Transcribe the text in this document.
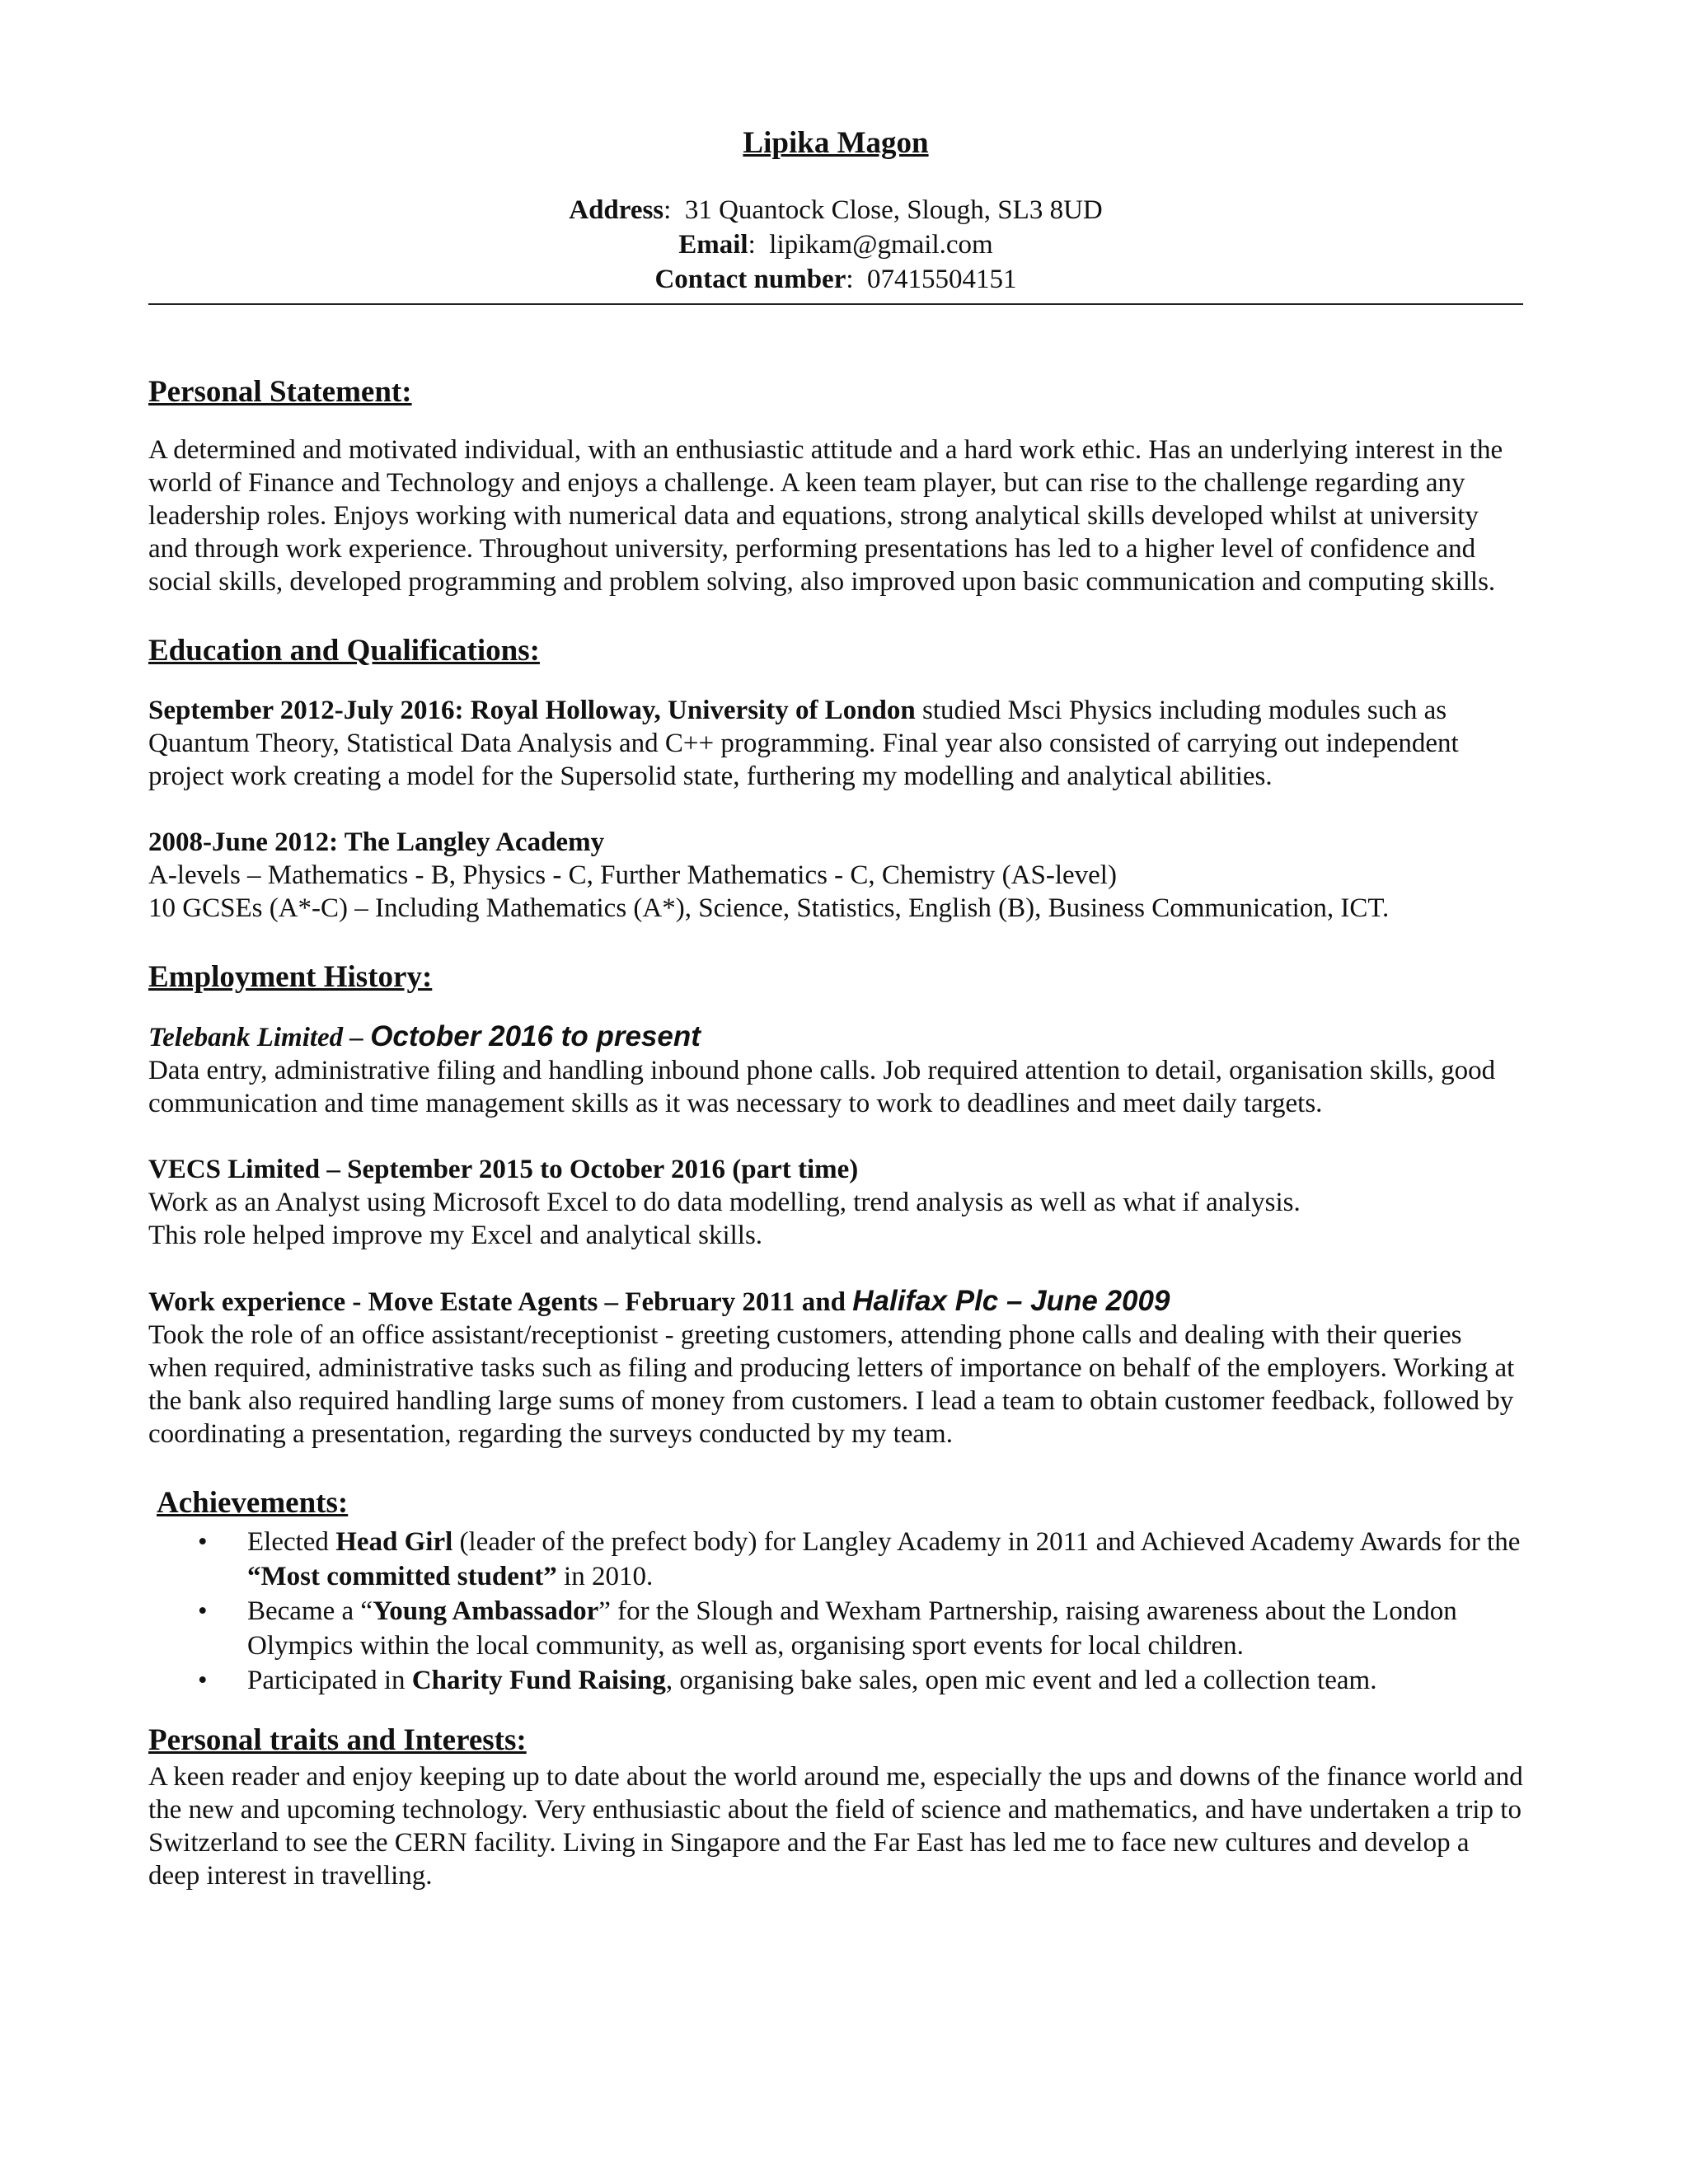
Lipika Magon

Address:  31 Quantock Close, Slough, SL3 8UD
Email:  lipikam@gmail.com
Contact number:  07415504151

Personal Statement:

A determined and motivated individual, with an enthusiastic attitude and a hard work ethic. Has an underlying interest in the world of Finance and Technology and enjoys a challenge. A keen team player, but can rise to the challenge regarding any leadership roles. Enjoys working with numerical data and equations, strong analytical skills developed whilst at university and through work experience. Throughout university, performing presentations has led to a higher level of confidence and social skills, developed programming and problem solving, also improved upon basic communication and computing skills.

Education and Qualifications:

September 2012-July 2016: Royal Holloway, University of London studied Msci Physics including modules such as Quantum Theory, Statistical Data Analysis and C++ programming. Final year also consisted of carrying out independent project work creating a model for the Supersolid state, furthering my modelling and analytical abilities.

2008-June 2012: The Langley Academy

A-levels – Mathematics - B, Physics - C, Further Mathematics - C, Chemistry (AS-level)

10 GCSEs (A*-C) – Including Mathematics (A*), Science, Statistics, English (B), Business Communication, ICT.

Employment History:

Telebank Limited – October 2016 to present

Data entry, administrative filing and handling inbound phone calls. Job required attention to detail, organisation skills, good communication and time management skills as it was necessary to work to deadlines and meet daily targets.

VECS Limited – September 2015 to October 2016 (part time)

Work as an Analyst using Microsoft Excel to do data modelling, trend analysis as well as what if analysis.

This role helped improve my Excel and analytical skills.

Work experience - Move Estate Agents – February 2011 and Halifax Plc – June 2009

Took the role of an office assistant/receptionist - greeting customers, attending phone calls and dealing with their queries when required, administrative tasks such as filing and producing letters of importance on behalf of the employers. Working at the bank also required handling large sums of money from customers. I lead a team to obtain customer feedback, followed by coordinating a presentation, regarding the surveys conducted by my team.

Achievements:

• Elected Head Girl (leader of the prefect body) for Langley Academy in 2011 and Achieved Academy Awards for the “Most committed student” in 2010.
• Became a “Young Ambassador” for the Slough and Wexham Partnership, raising awareness about the London Olympics within the local community, as well as, organising sport events for local children.
• Participated in Charity Fund Raising, organising bake sales, open mic event and led a collection team.

Personal traits and Interests:

A keen reader and enjoy keeping up to date about the world around me, especially the ups and downs of the finance world and the new and upcoming technology. Very enthusiastic about the field of science and mathematics, and have undertaken a trip to Switzerland to see the CERN facility. Living in Singapore and the Far East has led me to face new cultures and develop a deep interest in travelling.
